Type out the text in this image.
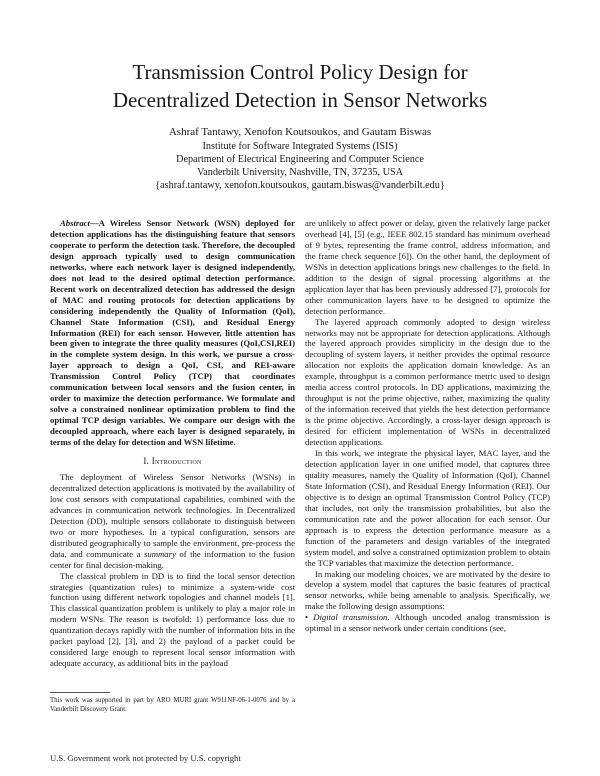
Transmission Control Policy Design for
Decentralized Detection in Sensor Networks
Ashraf Tantawy, Xenofon Koutsoukos, and Gautam Biswas
Institute for Software Integrated Systems (ISIS)
Department of Electrical Engineering and Computer Science
Vanderbilt University, Nashville, TN, 37235, USA
{ashraf.tantawy, xenofon.koutsoukos, gautam.biswas@vanderbilt.edu}

Abstract—A Wireless Sensor Network (WSN) deployed for detection applications has the distinguishing feature that sensors cooperate to perform the detection task. Therefore, the decoupled design approach typically used to design communication networks, where each network layer is designed independently, does not lead to the desired optimal detection performance. Recent work on decentralized detection has addressed the design of MAC and routing protocols for detection applications by considering independently the Quality of Information (QoI), Channel State Information (CSI), and Residual Energy Information (REI) for each sensor. However, little attention has been given to integrate the three quality measures (QoI,CSI,REI) in the complete system design. In this work, we pursue a cross-layer approach to design a QoI, CSI, and REI-aware Transmission Control Policy (TCP) that coordinates communication between local sensors and the fusion center, in order to maximize the detection performance. We formulate and solve a constrained nonlinear optimization problem to find the optimal TCP design variables. We compare our design with the decoupled approach, where each layer is designed separately, in terms of the delay for detection and WSN lifetime.

I. Introduction

The deployment of Wireless Sensor Networks (WSNs) in decentralized detection applications is motivated by the availability of low cost sensors with computational capabilities, combined with the advances in communication network technologies. In Decentralized Detection (DD), multiple sensors collaborate to distinguish between two or more hypotheses. In a typical configuration, sensors are distributed geographically to sample the environment, pre-process the data, and communicate a summary of the information to the fusion center for final decision-making.

The classical problem in DD is to find the local sensor detection strategies (quantization rules) to minimize a system-wide cost function using different network topologies and channel models [1]. This classical quantization problem is unlikely to play a major role in modern WSNs. The reason is twofold: 1) performance loss due to quantization decays rapidly with the number of information bits in the packet payload [2], [3], and 2) the payload of a packet could be considered large enough to represent local sensor information with adequate accuracy, as additional bits in the payload

This work was supported in part by ARO MURI grant W911NF-06-1-0076 and by a Vanderbilt Discovery Grant.
U.S. Government work not protected by U.S. copyright

are unlikely to affect power or delay, given the relatively large packet overhead [4], [5] (e.g., IEEE 802.15 standard has minimum overhead of 9 bytes, representing the frame control, address information, and the frame check sequence [6]). On the other hand, the deployment of WSNs in detection applications brings new challenges to the field. In addition to the design of signal processing algorithms at the application layer that has been previously addressed [7], protocols for other communication layers have to be designed to optimize the detection performance.

The layered approach commonly adopted to design wireless networks may not be appropriate for detection applications. Although the layered approach provides simplicity in the design due to the decoupling of system layers, it neither provides the optimal resource allocation nor exploits the application domain knowledge. As an example, throughput is a common performance metric used to design media access control protocols. In DD applications, maximizing the throughput is not the prime objective, rather, maximizing the quality of the information received that yields the best detection performance is the prime objective. Accordingly, a cross-layer design approach is desired for efficient implementation of WSNs in decentralized detection applications.

In this work, we integrate the physical layer, MAC layer, and the detection application layer in one unified model, that captures three quality measures, namely the Quality of Information (QoI), Channel State Information (CSI), and Residual Energy Information (REI). Our objective is to design an optimal Transmission Control Policy (TCP) that includes, not only the transmission probabilities, but also the communication rate and the power allocation for each sensor. Our approach is to express the detection performance measure as a function of the parameters and design variables of the integrated system model, and solve a constrained optimization problem to obtain the TCP variables that maximize the detection performance.

In making our modeling choices, we are motivated by the desire to develop a system model that captures the basic features of practical sensor networks, while being amenable to analysis. Specifically, we make the following design assumptions:

• Digital transmission. Although uncoded analog transmission is optimal in a sensor network under certain conditions (see,
